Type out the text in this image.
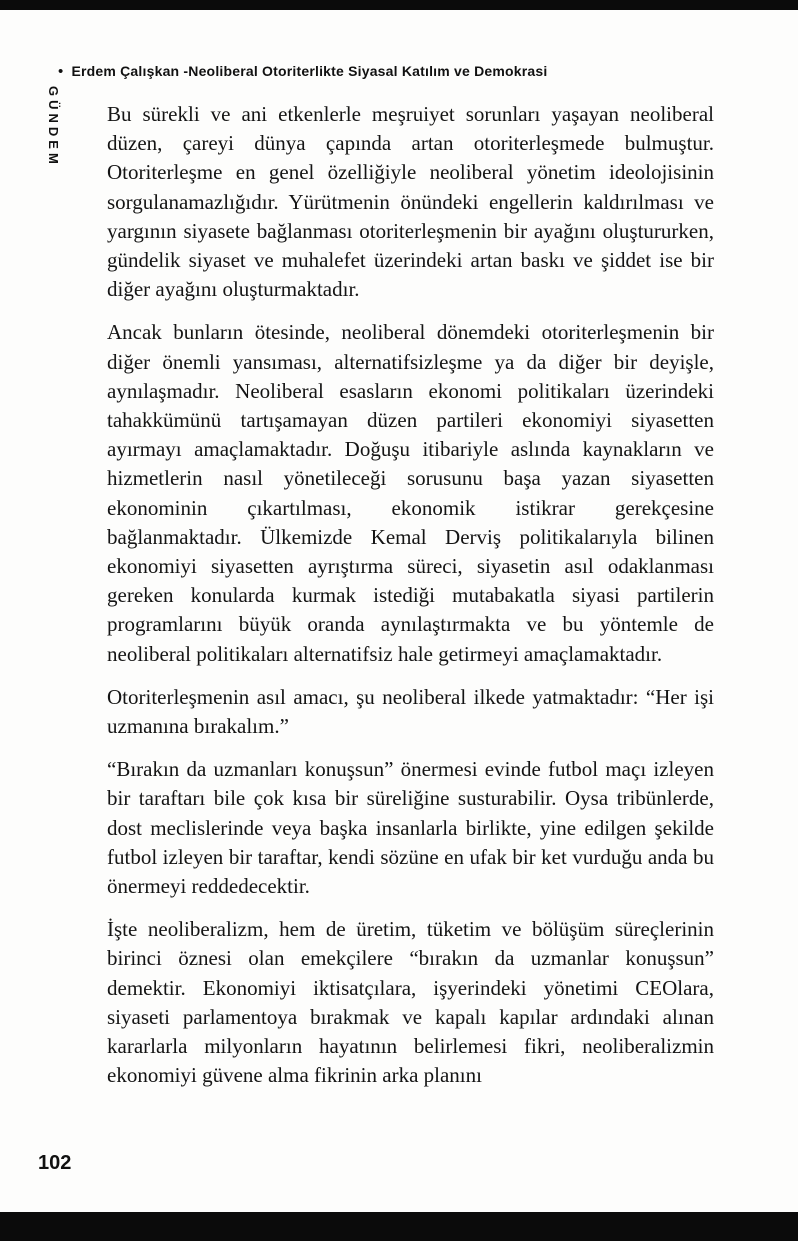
• Erdem Çalışkan - Neoliberal Otoriterlikte Siyasal Katılım ve Demokrasi
GÜNDEM Bu sürekli ve ani etkenlerle meşruiyet sorunları yaşayan neoliberal düzen, çareyi dünya çapında artan otoriterleşmede bulmuştur. Otoriterleşme en genel özelliğiyle neoliberal yönetim ideolojisinin sorgulanamazlığıdır. Yürütmenin önündeki engellerin kaldırılması ve yargının siyasete bağlanması otoriterleşmenin bir ayağını oluştururken, gündelik siyaset ve muhalefet üzerindeki artan baskı ve şiddet ise bir diğer ayağını oluşturmaktadır.

Ancak bunların ötesinde, neoliberal dönemdeki otoriterleşmenin bir diğer önemli yansıması, alternatifsizleşme ya da diğer bir deyişle, aynılaşmadır. Neoliberal esasların ekonomi politikaları üzerindeki tahakkümünü tartışamayan düzen partileri ekonomiyi siyasetten ayırmayı amaçlamaktadır. Doğuşu itibariyle aslında kaynakların ve hizmetlerin nasıl yönetileceği sorusunu başa yazan siyasetten ekonominin çıkartılması, ekonomik istikrar gerekçesine bağlanmaktadır. Ülkemizde Kemal Derviş politikalarıyla bilinen ekonomiyi siyasetten ayrıştırma süreci, siyasetin asıl odaklanması gereken konularda kurmak istediği mutabakatla siyasi partilerin programlarını büyük oranda aynılaştırmakta ve bu yöntemle de neoliberal politikaları alternatifsiz hale getirmeyi amaçlamaktadır.

Otoriterleşmenin asıl amacı, şu neoliberal ilkede yatmaktadır: “Her işi uzmanına bırakalım.”

“Bırakın da uzmanları konuşsun” önermesi evinde futbol maçı izleyen bir taraftarı bile çok kısa bir süreliğine susturabilir. Oysa tribünlerde, dost meclislerinde veya başka insanlarla birlikte, yine edilgen şekilde futbol izleyen bir taraftar, kendi sözüne en ufak bir ket vurduğu anda bu önermeyi reddedecektir.

İşte neoliberalizm, hem de üretim, tüketim ve bölüşüm süreçlerinin birinci öznesi olan emekçilere “bırakın da uzmanlar konuşsun” demektir. Ekonomiyi iktisatçılara, işyerindeki yönetimi CEOlara, siyaseti parlamentoya bırakmak ve kapalı kapılar ardındaki alınan kararlarla milyonların hayatının belirlemesi fikri, neoliberalizmin ekonomiyi güvene alma fikrinin arka planını

102
